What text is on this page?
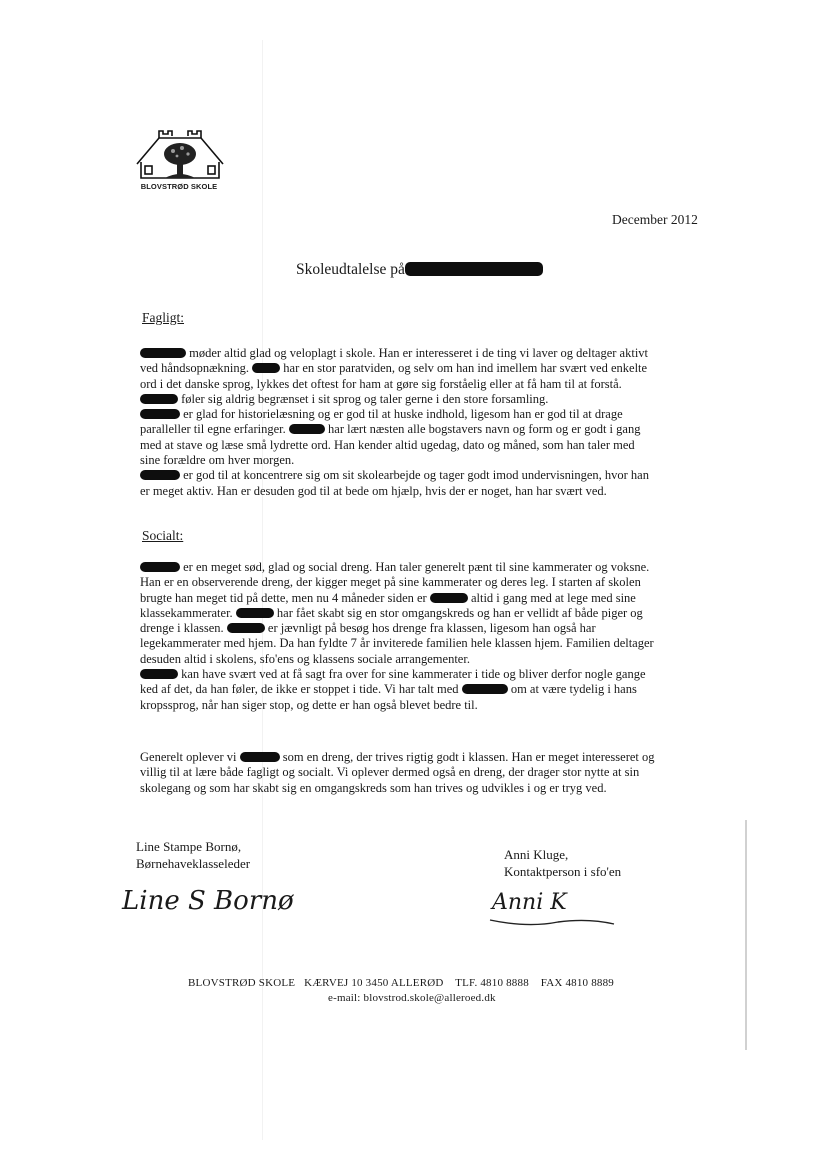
BLOVSTRØD SKOLE
December 2012
Skoleudtalelse på
Fagligt:
møder altid glad og veloplagt i skole. Han er interesseret i de ting vi laver og deltager aktivt
ved håndsopnækning.	har en stor paratviden, og selv om han ind imellem har svært ved enkelte
ord i det danske sprog, lykkes det oftest for ham at gøre sig forståelig eller at få ham til at forstå.
føler sig aldrig begrænset i sit sprog og taler gerne i den store forsamling.
er glad for historielæsning og er god til at huske indhold, ligesom han er god til at drage
paralleller til egne erfaringer.	har lært næsten alle bogstavers navn og form og er godt i gang
med at stave og læse små lydrette ord. Han kender altid ugedag, dato og måned, som han taler med
sine forældre om hver morgen.
er god til at koncentrere sig om sit skolearbejde og tager godt imod undervisningen, hvor han
er meget aktiv. Han er desuden god til at bede om hjælp, hvis der er noget, han har svært ved.
Socialt:
er en meget sød, glad og social dreng. Han taler generelt pænt til sine kammerater og voksne.
Han er en observerende dreng, der kigger meget på sine kammerater og deres leg. I starten af skolen
brugte han meget tid på dette, men nu 4 måneder siden er	altid i gang med at lege med sine
klassekammerater.	har fået skabt sig en stor omgangskreds og han er vellidt af både piger og
drenge i klassen.	er jævnligt på besøg hos drenge fra klassen, ligesom han også har
legekammerater med hjem. Da han fyldte 7 år inviterede familien hele klassen hjem. Familien deltager
desuden altid i skolens, sfo'ens og klassens sociale arrangementer.
kan have svært ved at få sagt fra over for sine kammerater i tide og bliver derfor nogle gange
ked af det, da han føler, de ikke er stoppet i tide. Vi har talt med	om at være tydelig i hans
kropssprog, når han siger stop, og dette er han også blevet bedre til.
Generelt oplever vi	som en dreng, der trives rigtig godt i klassen. Han er meget interesseret og
villig til at lære både fagligt og socialt. Vi oplever dermed også en dreng, der drager stor nytte at sin
skolegang og som har skabt sig en omgangskreds som han trives og udvikles i og er tryg ved.
Line Stampe Bornø,
Børnehaveklasseleder
Line S Bornø
Anni Kluge,
Kontaktperson i sfo'en
Anni K
BLOVSTRØD SKOLE KÆRVEJ 10 3450 ALLERØD TLF. 4810 8888 FAX 4810 8889
e-mail: blovstrod.skole@alleroed.dk
